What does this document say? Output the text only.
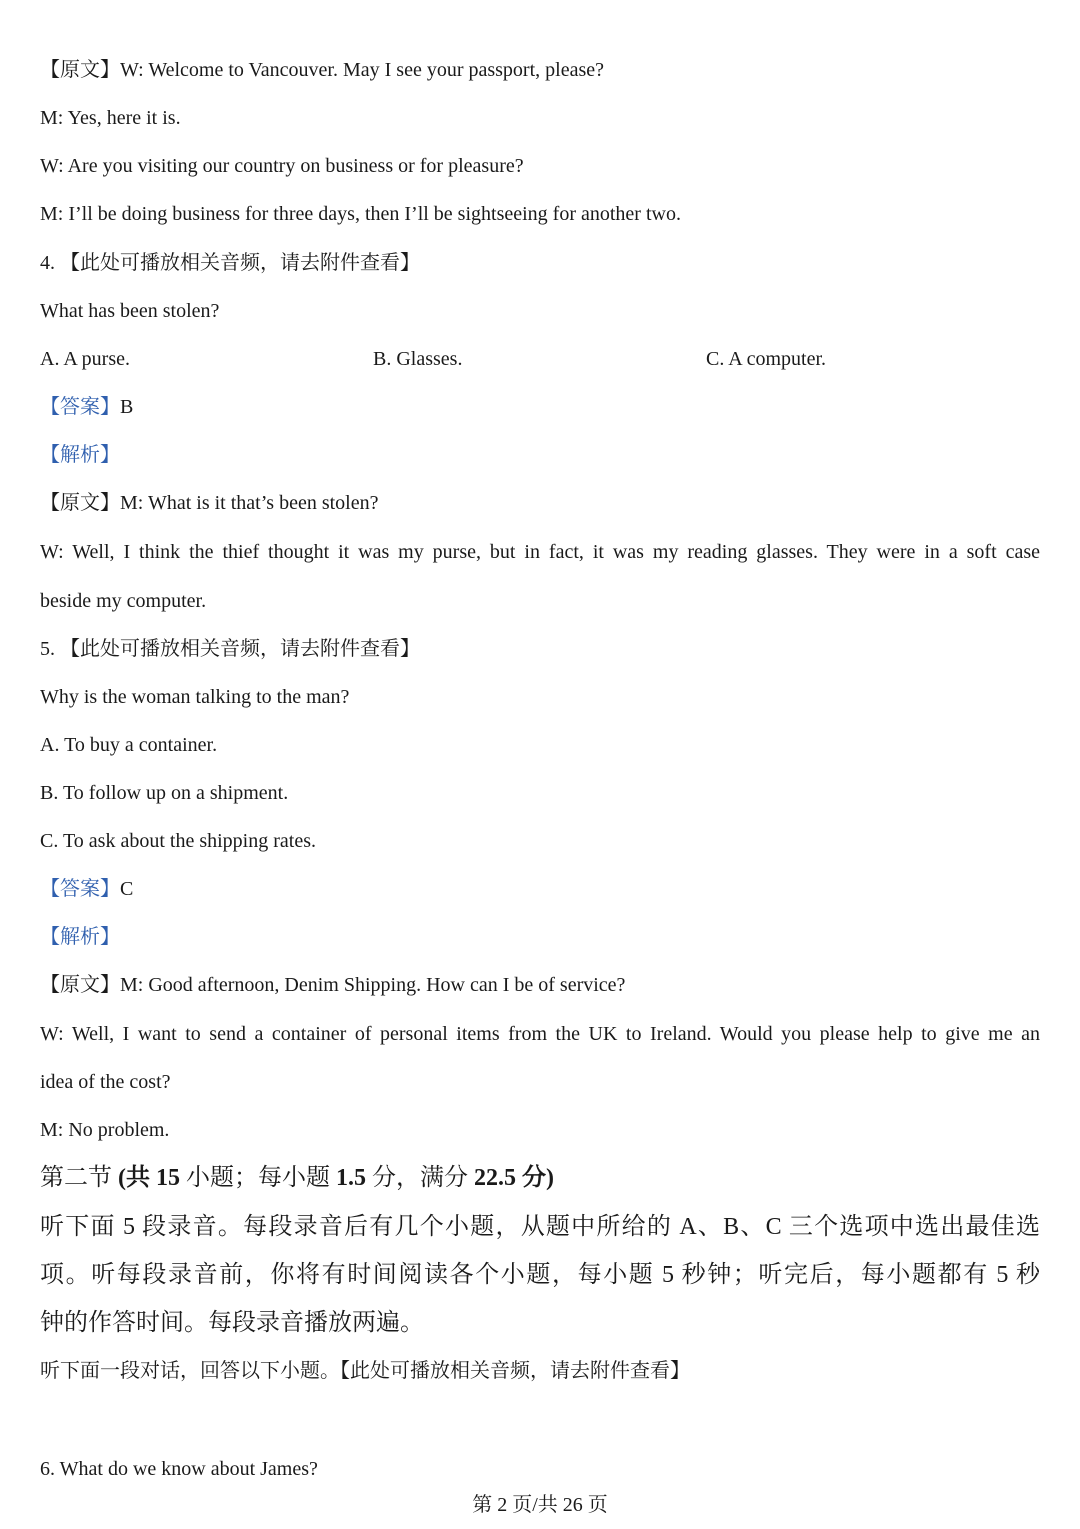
【原文】W: Welcome to Vancouver. May I see your passport, please?
M: Yes, here it is.
W: Are you visiting our country on business or for pleasure?
M: I’ll be doing business for three days, then I’ll be sightseeing for another two.
4. 【此处可播放相关音频，请去附件查看】
What has been stolen?
A. A purse.	B. Glasses.	C. A computer.
【答案】B
【解析】
【原文】M: What is it that’s been stolen?
W: Well, I think the thief thought it was my purse, but in fact, it was my reading glasses. They were in a soft case
beside my computer.
5. 【此处可播放相关音频，请去附件查看】
Why is the woman talking to the man?
A. To buy a container.
B. To follow up on a shipment.
C. To ask about the shipping rates.
【答案】C
【解析】
【原文】M: Good afternoon, Denim Shipping. How can I be of service?
W: Well, I want to send a container of personal items from the UK to Ireland. Would you please help to give me an
idea of the cost?
M: No problem.
第二节 (共 15 小题；每小题 1.5 分，满分 22.5 分)
听下面 5 段录音。每段录音后有几个小题，从题中所给的 A、B、C 三个选项中选出最佳选
项。听每段录音前，你将有时间阅读各个小题，每小题 5 秒钟；听完后，每小题都有 5 秒
钟的作答时间。每段录音播放两遍。
听下面一段对话，回答以下小题。【此处可播放相关音频，请去附件查看】
6. What do we know about James?
第 2 页/共 26 页
